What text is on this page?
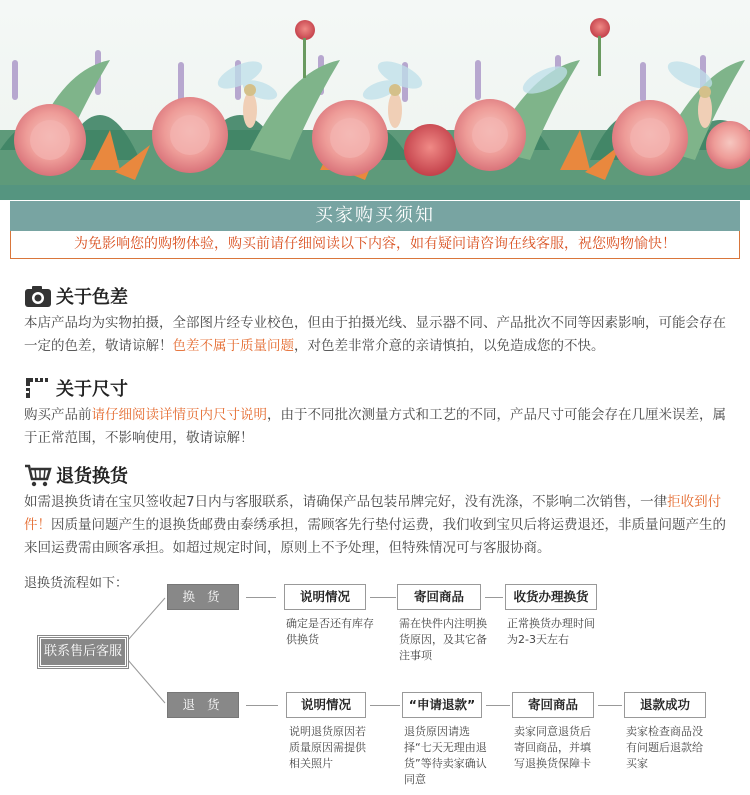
买家购买须知
为免影响您的购物体验，购买前请仔细阅读以下内容，如有疑问请咨询在线客服，祝您购物愉快！
关于色差
本店产品均为实物拍摄，全部图片经专业校色，但由于拍摄光线、显示器不同、产品批次不同等因素影响，可能会存在一定的色差，敬请谅解！色差不属于质量问题，对色差非常介意的亲请慎拍，以免造成您的不快。
关于尺寸
购买产品前请仔细阅读详情页内尺寸说明，由于不同批次测量方式和工艺的不同，产品尺寸可能会存在几厘米误差，属于正常范围，不影响使用，敬请谅解！
退货换货
如需退换货请在宝贝签收起7日内与客服联系，请确保产品包装吊牌完好，没有洗涤，不影响二次销售，一律拒收到付件！因质量问题产生的退换货邮费由泰绣承担，需顾客先行垫付运费，我们收到宝贝后将运费退还，非质量问题产生的来回运费需由顾客承担。如超过规定时间，原则上不予处理，但特殊情况可与客服协商。
退换货流程如下：
联系售后客服
换 货	说明情况	寄回商品	收货办理换货
确定是否还有库存供换货
需在快件内注明换货原因，及其它备注事项
正常换货办理时间为2-3天左右
退 货	说明情况	“申请退款”	寄回商品	退款成功
说明退货原因若质量原因需提供相关照片
退货原因请选择“七天无理由退货”等待卖家确认同意
卖家同意退货后寄回商品，并填写退换货保障卡
卖家检查商品没有问题后退款给买家
